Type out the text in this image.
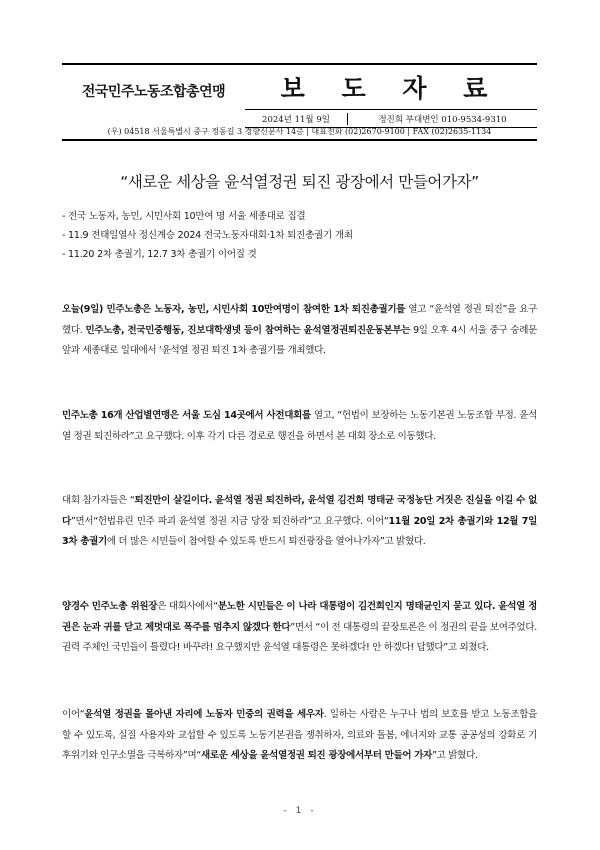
전국민주노동조합총연맹	보 도 자 료
2024년 11월 9일	정진희 부대변인 010-9534-9310
(우) 04518 서울특별시 중구 정동길 3 경향신문사 14층 | 대표전화 (02)2670-9100 | FAX (02)2635-1134
“새로운 세상을 윤석열정권 퇴진 광장에서 만들어가자”
- 전국 노동자, 농민, 시민사회 10만여 명 서울 세종대로 집결
- 11.9 전태일열사 정신계승 2024 전국노동자대회·1차 퇴진총궐기 개최
- 11.20 2차 총궐기, 12.7 3차 총궐기 이어질 것
오늘(9일) 민주노총은 노동자, 농민, 시민사회 10만여명이 참여한 1차 퇴진총궐기를 열고 “윤석열 정권 퇴진”을 요구했다. 민주노총, 전국민중행동, 진보대학생넷 등이 참여하는 윤석열정권퇴진운동본부는 9일 오후 4시 서울 중구 숭례문 앞과 세종대로 일대에서 ‘윤석열 정권 퇴진 1차 총궐기를 개최했다.
민주노총 16개 산업별연맹은 서울 도심 14곳에서 사전대회를 열고, “헌법이 보장하는 노동기본권 노동조합 부정. 윤석열 정권 퇴진하라”고 요구했다. 이후 각기 다른 경로로 행진을 하면서 본 대회 장소로 이동했다.
대회 참가자들은 “퇴진만이 살길이다. 윤석열 정권 퇴진하라, 윤석열 김건희 명태균 국정농단 거짓은 진실을 이길 수 없다”면서“헌법유린 민주 파괴 윤석열 정권 지금 당장 퇴진하라”고 요구했다. 이어“11월 20일 2차 총궐기와 12월 7일 3차 총궐기에 더 많은 시민들이 참여할 수 있도록 반드시 퇴진광장을 열어나가자”고 밝혔다.
양경수 민주노총 위원장은 대회사에서“분노한 시민들은 이 나라 대통령이 김건희인지 명태균인지 묻고 있다. 윤석열 정권은 눈과 귀를 닫고 제멋대로 폭주를 멈추지 않겠다 한다”면서 “이 전 대통령의 끝장토론은 이 정권의 끝을 보여주었다. 권력 주체인 국민들이 틀렸다! 바꾸라! 요구했지만 윤석열 대통령은 못하겠다! 안 하겠다! 답했다”고 외쳤다.
이어“윤석열 정권을 몰아낸 자리에 노동자 민중의 권력을 세우자. 일하는 사람은 누구나 법의 보호를 받고 노동조합을 할 수 있도록, 실질 사용자와 교섭할 수 있도록 노동기본권을 쟁취하자, 의료와 돌봄, 에너지와 교통 공공성의 강화로 기후위기와 인구소멸을 극복하자”며“새로운 세상을 윤석열정권 퇴진 광장에서부터 만들어 가자”고 밝혔다.
- 1 -
